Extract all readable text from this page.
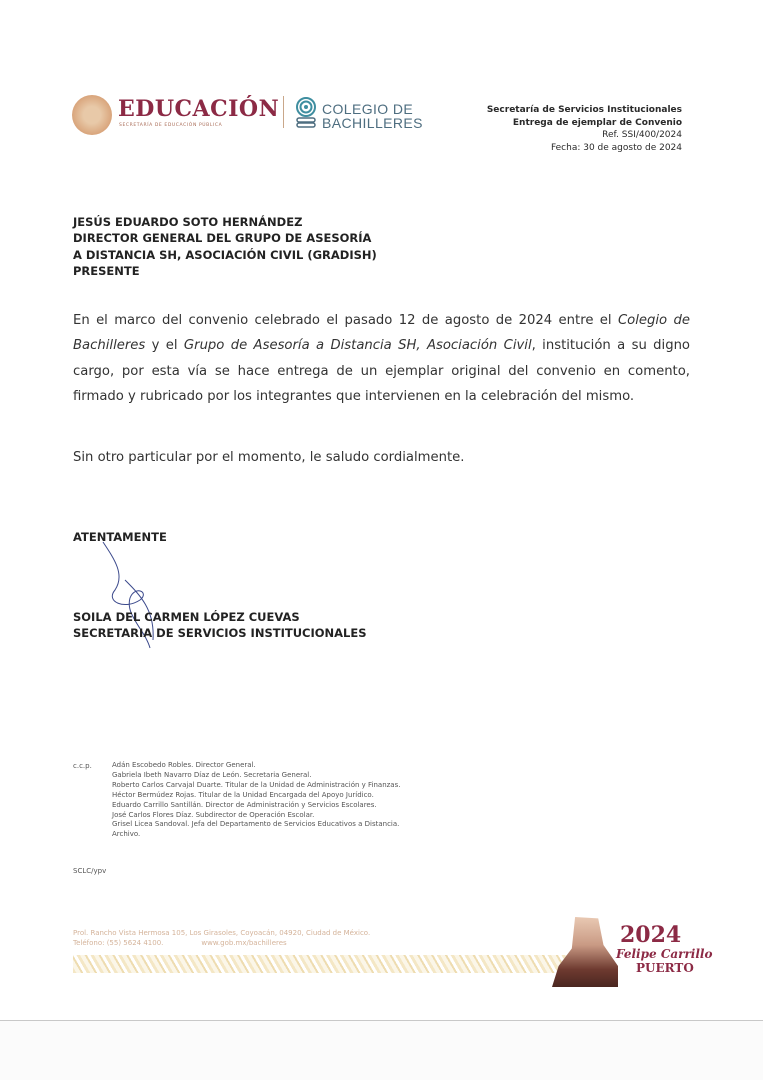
EDUCACIÓN
SECRETARÍA DE EDUCACIÓN PÚBLICA
COLEGIO DE
BACHILLERES
Secretaría de Servicios Institucionales
Entrega de ejemplar de Convenio
Ref. SSI/400/2024
Fecha: 30 de agosto de 2024
JESÚS EDUARDO SOTO HERNÁNDEZ
DIRECTOR GENERAL DEL GRUPO DE ASESORÍA
A DISTANCIA SH, ASOCIACIÓN CIVIL (GRADISH)
PRESENTE
En el marco del convenio celebrado el pasado 12 de agosto de 2024 entre el Colegio de Bachilleres y el Grupo de Asesoría a Distancia SH, Asociación Civil, institución a su digno cargo, por esta vía se hace entrega de un ejemplar original del convenio en comento, firmado y rubricado por los integrantes que intervienen en la celebración del mismo.
Sin otro particular por el momento, le saludo cordialmente.
ATENTAMENTE
SOILA DEL CARMEN LÓPEZ CUEVAS
SECRETARIA DE SERVICIOS INSTITUCIONALES
c.c.p.	Adán Escobedo Robles. Director General.
Gabriela Ibeth Navarro Díaz de León. Secretaria General.
Roberto Carlos Carvajal Duarte. Titular de la Unidad de Administración y Finanzas.
Héctor Bermúdez Rojas. Titular de la Unidad Encargada del Apoyo Jurídico.
Eduardo Carrillo Santillán. Director de Administración y Servicios Escolares.
José Carlos Flores Díaz. Subdirector de Operación Escolar.
Grisel Licea Sandoval. Jefa del Departamento de Servicios Educativos a Distancia.
Archivo.
SCLC/ypv
Prol. Rancho Vista Hermosa 105, Los Girasoles, Coyoacán, 04920, Ciudad de México.
Teléfono: (55) 5624 4100.	www.gob.mx/bachilleres	2024
Felipe Carrillo
PUERTO
